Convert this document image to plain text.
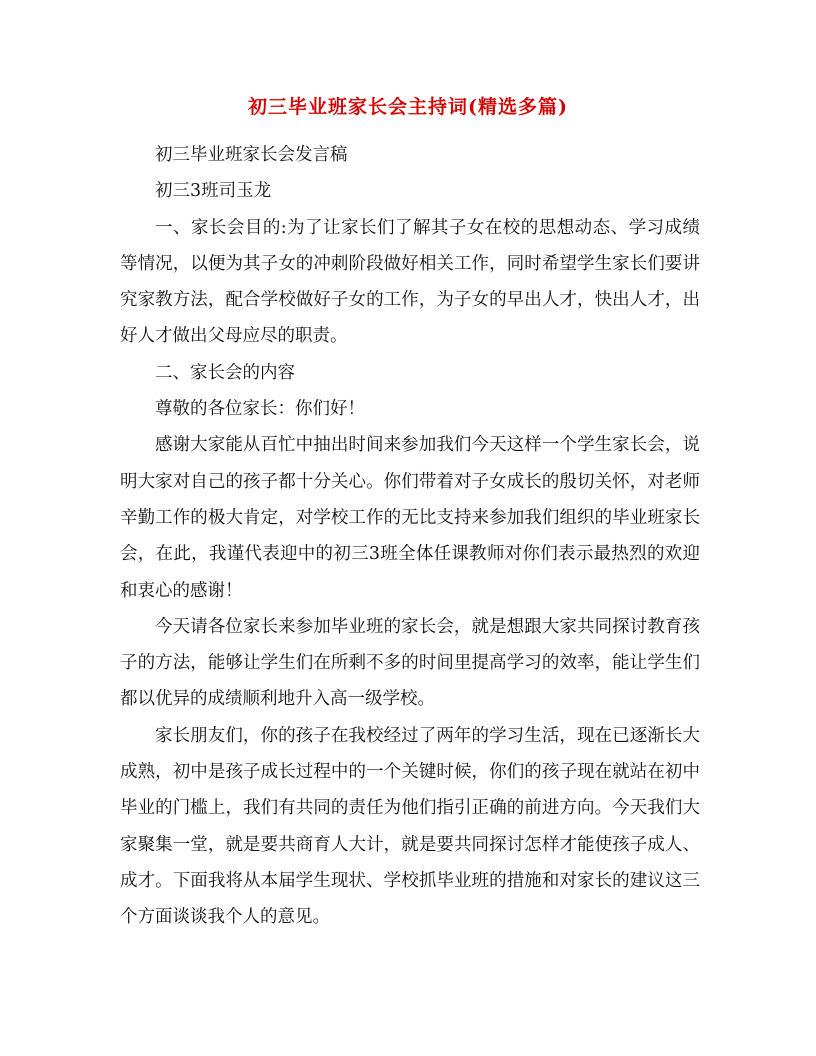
初三毕业班家长会主持词(精选多篇)

初三毕业班家长会发言稿

初三3班司玉龙

一、家长会目的:为了让家长们了解其子女在校的思想动态、学习成绩等情况，以便为其子女的冲刺阶段做好相关工作，同时希望学生家长们要讲究家教方法，配合学校做好子女的工作，为子女的早出人才，快出人才，出好人才做出父母应尽的职责。

二、家长会的内容

尊敬的各位家长：你们好！

感谢大家能从百忙中抽出时间来参加我们今天这样一个学生家长会，说明大家对自己的孩子都十分关心。你们带着对子女成长的殷切关怀，对老师辛勤工作的极大肯定，对学校工作的无比支持来参加我们组织的毕业班家长会，在此，我谨代表迎中的初三3班全体任课教师对你们表示最热烈的欢迎和衷心的感谢！

今天请各位家长来参加毕业班的家长会，就是想跟大家共同探讨教育孩子的方法，能够让学生们在所剩不多的时间里提高学习的效率，能让学生们都以优异的成绩顺利地升入高一级学校。

家长朋友们，你的孩子在我校经过了两年的学习生活，现在已逐渐长大成熟，初中是孩子成长过程中的一个关键时候，你们的孩子现在就站在初中毕业的门槛上，我们有共同的责任为他们指引正确的前进方向。今天我们大家聚集一堂，就是要共商育人大计，就是要共同探讨怎样才能使孩子成人、成才。下面我将从本届学生现状、学校抓毕业班的措施和对家长的建议这三个方面谈谈我个人的意见。
